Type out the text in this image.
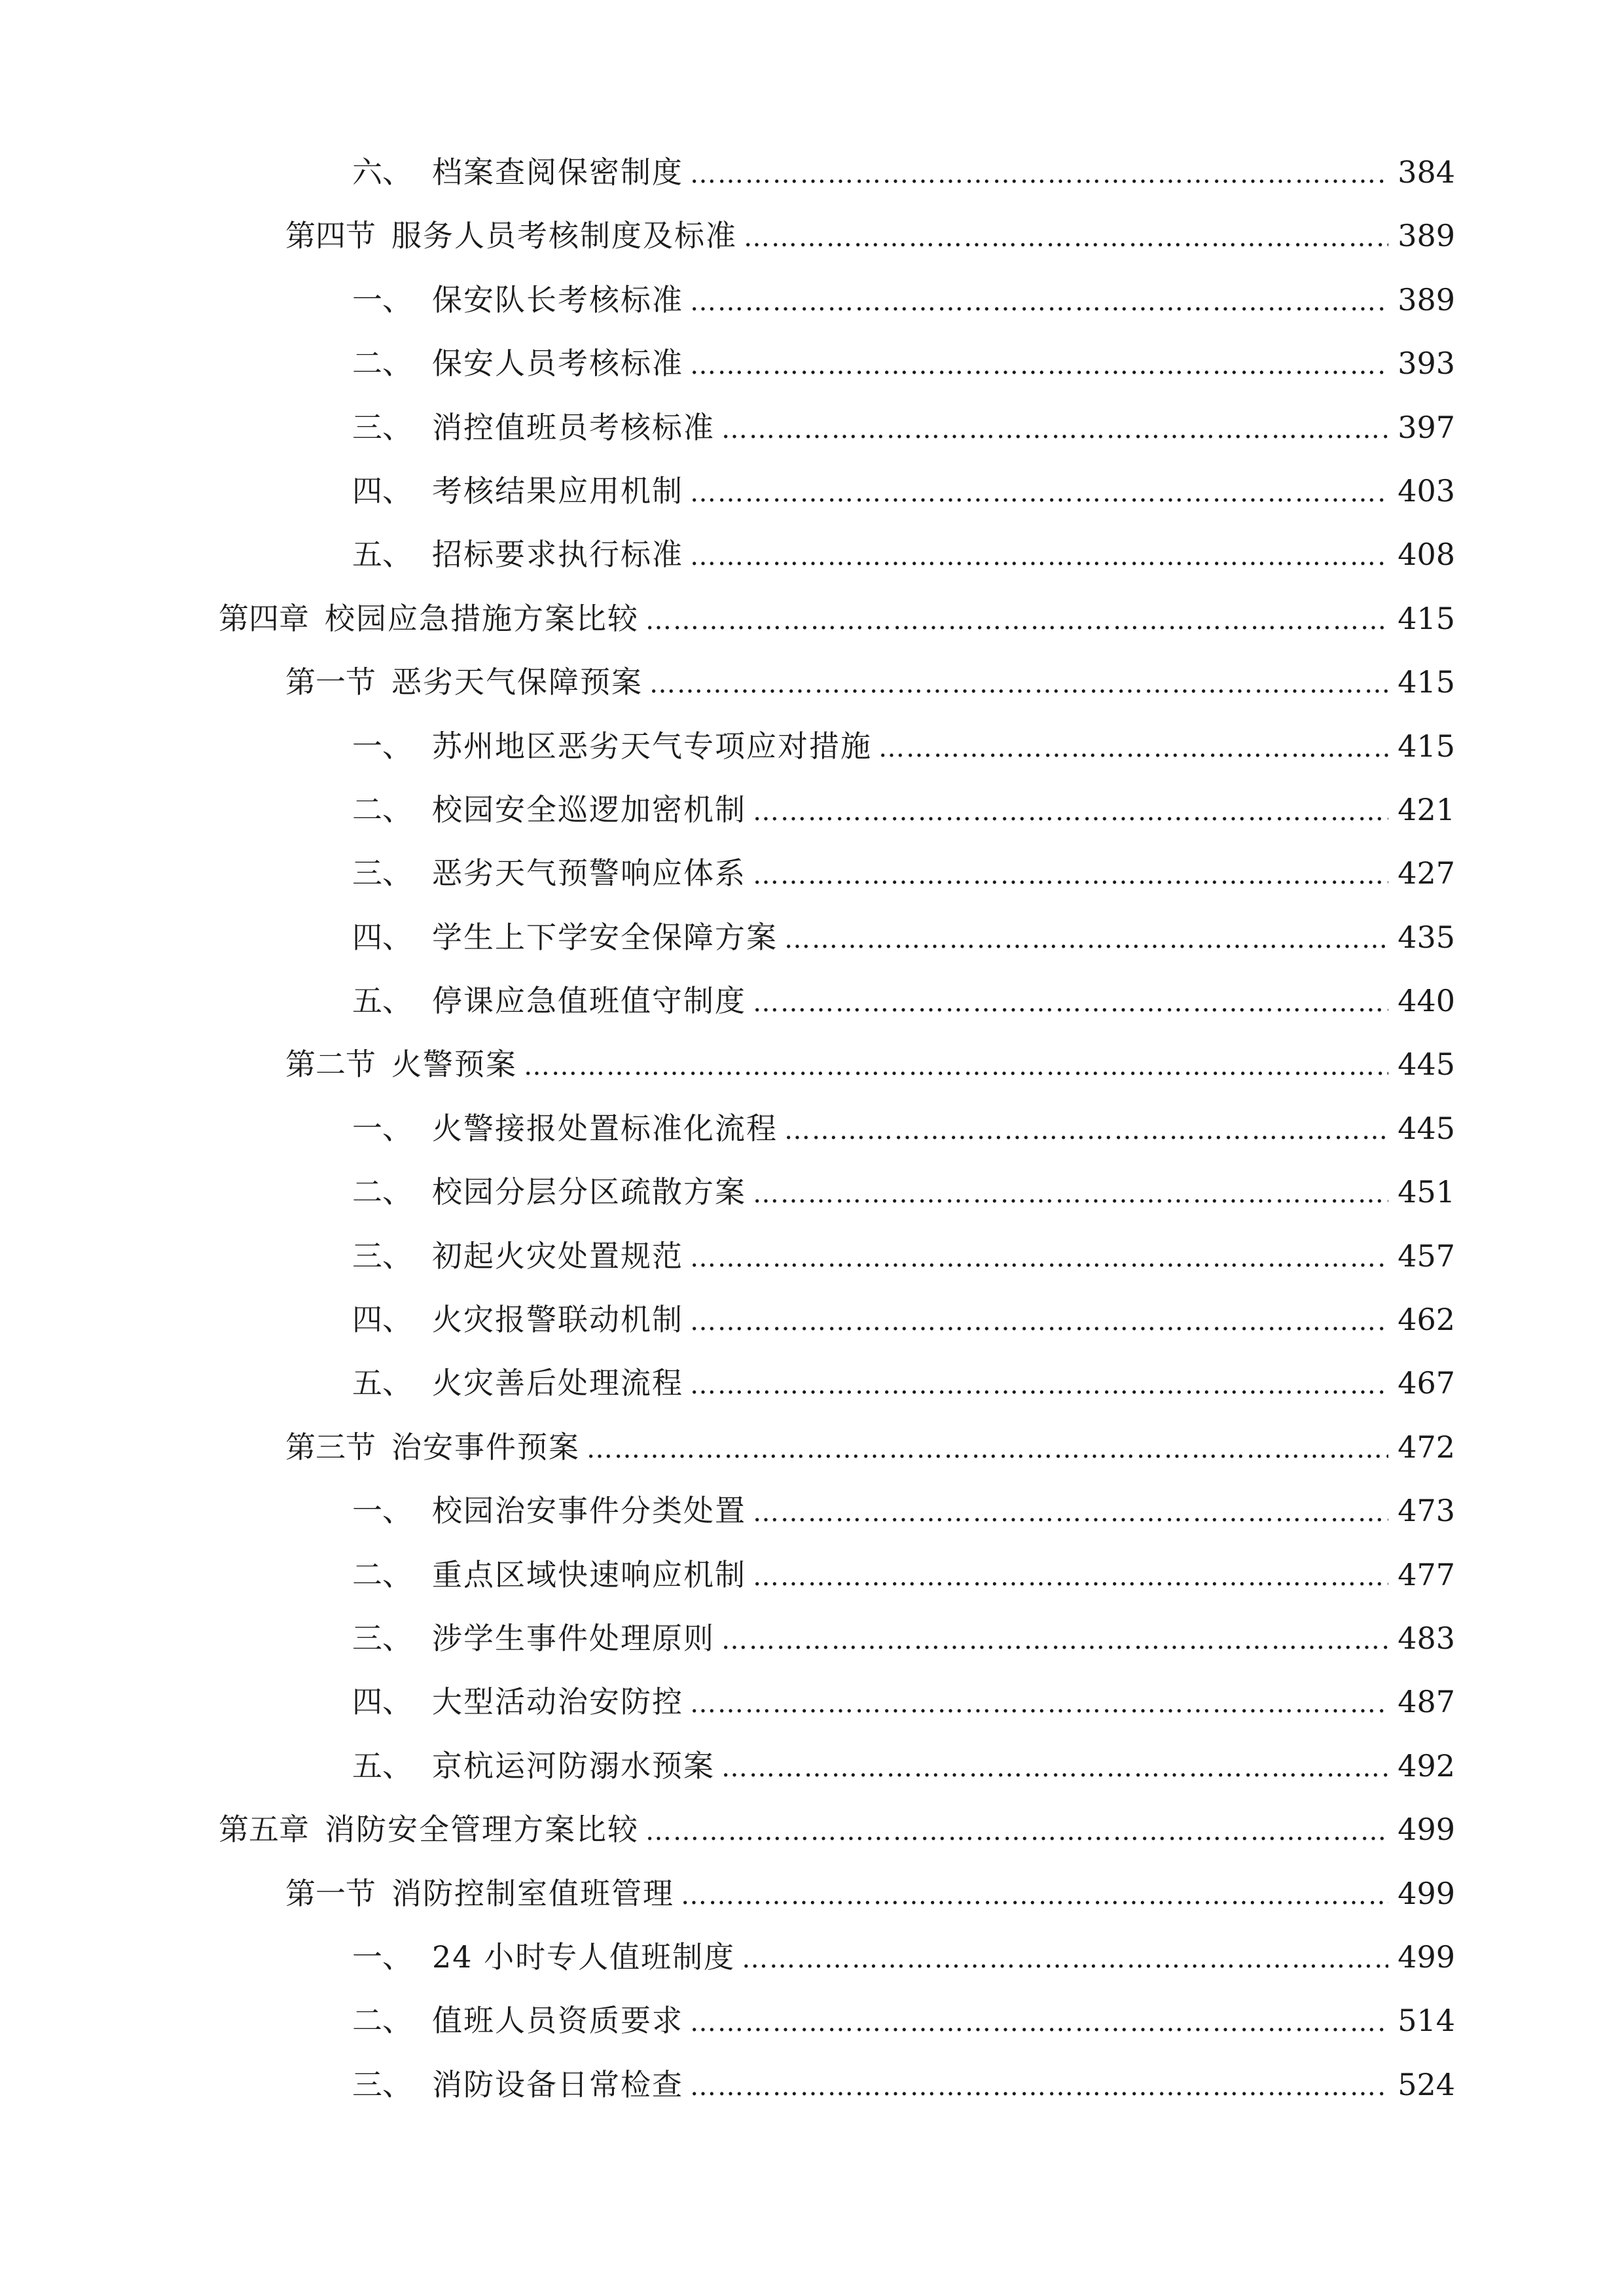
六、 档案查阅保密制度 ……………………………………………………………………………………………………………………………………………………………………………………………………	384
第四节 服务人员考核制度及标准 ……………………………………………………………………………………………………………………………………………………………………………………………………	389
一、 保安队长考核标准 ……………………………………………………………………………………………………………………………………………………………………………………………………	389
二、 保安人员考核标准 ……………………………………………………………………………………………………………………………………………………………………………………………………	393
三、 消控值班员考核标准 ……………………………………………………………………………………………………………………………………………………………………………………………………	397
四、 考核结果应用机制 ……………………………………………………………………………………………………………………………………………………………………………………………………	403
五、 招标要求执行标准 ……………………………………………………………………………………………………………………………………………………………………………………………………	408
第四章 校园应急措施方案比较 ……………………………………………………………………………………………………………………………………………………………………………………………………	415
第一节 恶劣天气保障预案 ……………………………………………………………………………………………………………………………………………………………………………………………………	415
一、 苏州地区恶劣天气专项应对措施 ……………………………………………………………………………………………………………………………………………………………………………………………………	415
二、 校园安全巡逻加密机制 ……………………………………………………………………………………………………………………………………………………………………………………………………	421
三、 恶劣天气预警响应体系 ……………………………………………………………………………………………………………………………………………………………………………………………………	427
四、 学生上下学安全保障方案 ……………………………………………………………………………………………………………………………………………………………………………………………………	435
五、 停课应急值班值守制度 ……………………………………………………………………………………………………………………………………………………………………………………………………	440
第二节 火警预案 ……………………………………………………………………………………………………………………………………………………………………………………………………	445
一、 火警接报处置标准化流程 ……………………………………………………………………………………………………………………………………………………………………………………………………	445
二、 校园分层分区疏散方案 ……………………………………………………………………………………………………………………………………………………………………………………………………	451
三、 初起火灾处置规范 ……………………………………………………………………………………………………………………………………………………………………………………………………	457
四、 火灾报警联动机制 ……………………………………………………………………………………………………………………………………………………………………………………………………	462
五、 火灾善后处理流程 ……………………………………………………………………………………………………………………………………………………………………………………………………	467
第三节 治安事件预案 ……………………………………………………………………………………………………………………………………………………………………………………………………	472
一、 校园治安事件分类处置 ……………………………………………………………………………………………………………………………………………………………………………………………………	473
二、 重点区域快速响应机制 ……………………………………………………………………………………………………………………………………………………………………………………………………	477
三、 涉学生事件处理原则 ……………………………………………………………………………………………………………………………………………………………………………………………………	483
四、 大型活动治安防控 ……………………………………………………………………………………………………………………………………………………………………………………………………	487
五、 京杭运河防溺水预案 ……………………………………………………………………………………………………………………………………………………………………………………………………	492
第五章 消防安全管理方案比较 ……………………………………………………………………………………………………………………………………………………………………………………………………	499
第一节 消防控制室值班管理 ……………………………………………………………………………………………………………………………………………………………………………………………………	499
一、 24 小时专人值班制度 ……………………………………………………………………………………………………………………………………………………………………………………………………	499
二、 值班人员资质要求 ……………………………………………………………………………………………………………………………………………………………………………………………………	514
三、 消防设备日常检查 ……………………………………………………………………………………………………………………………………………………………………………………………………	524
